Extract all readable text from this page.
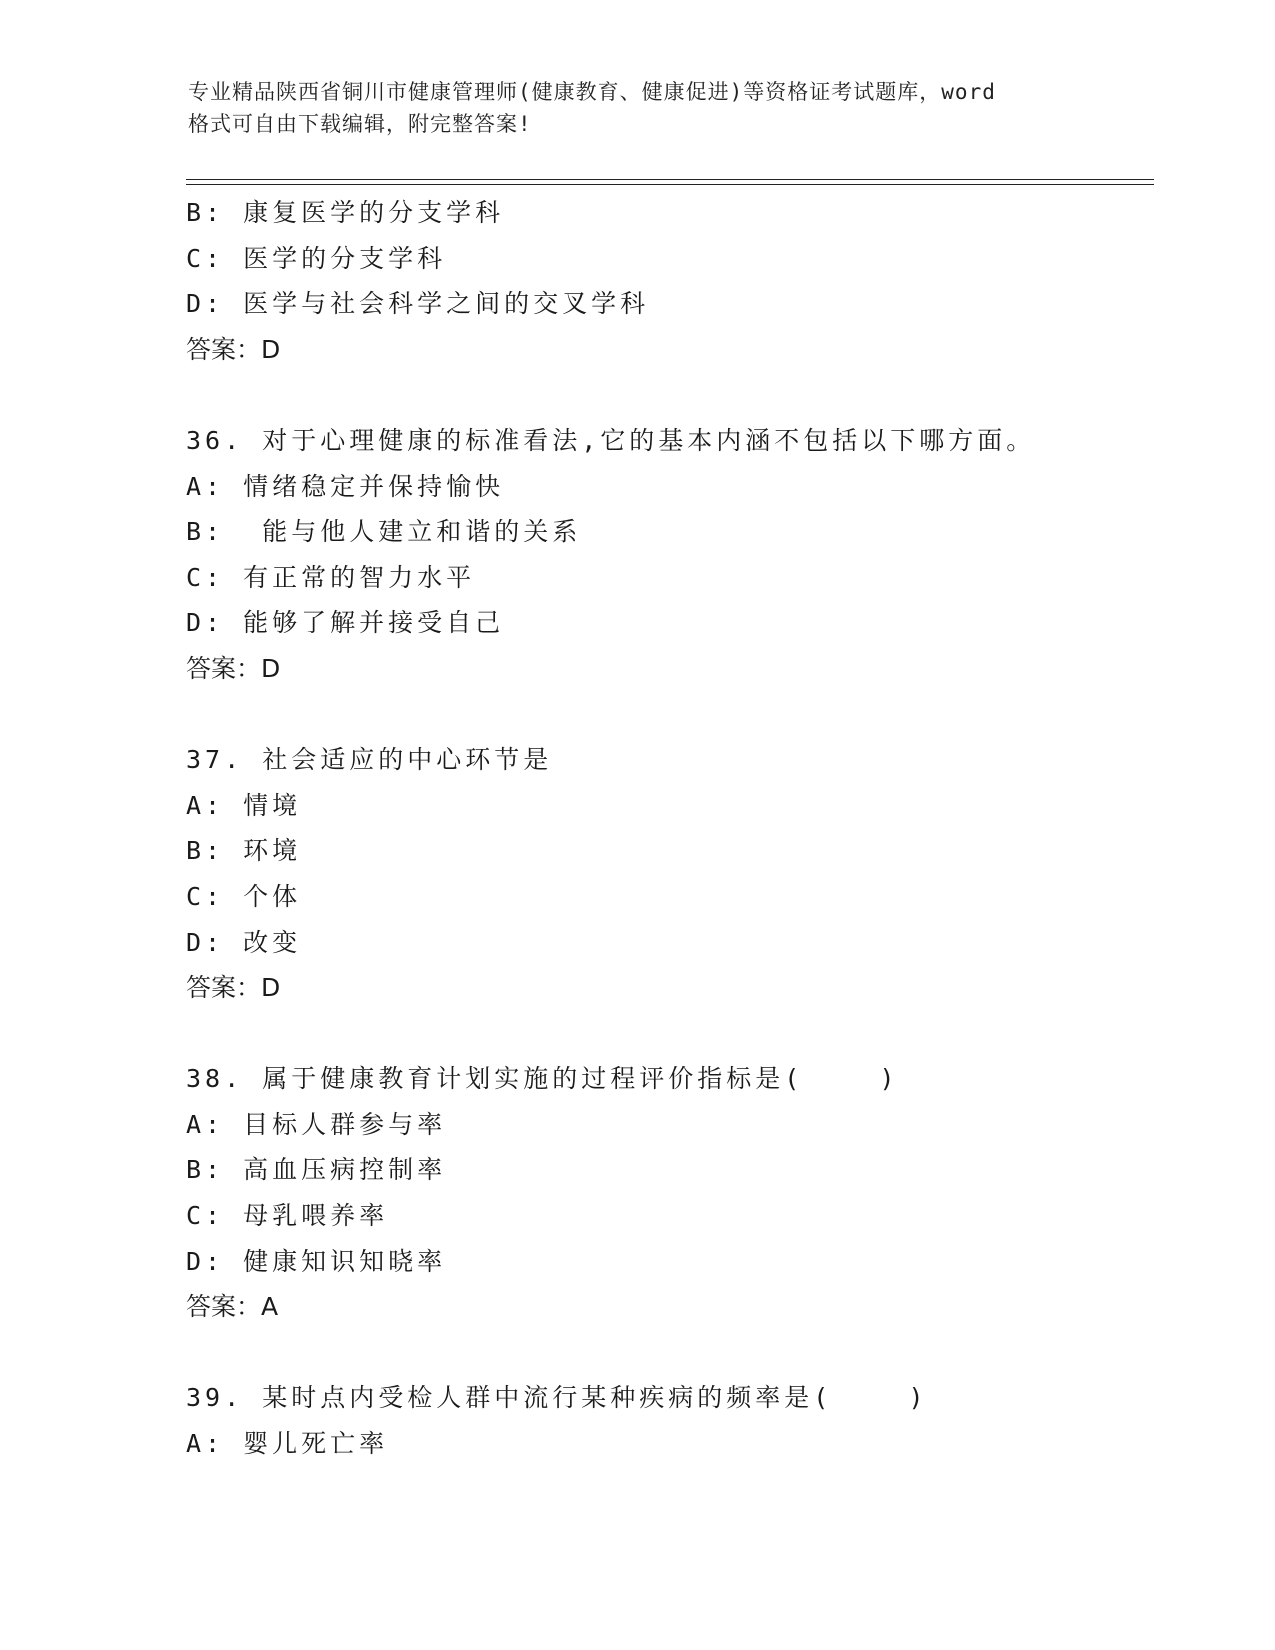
专业精品陕西省铜川市健康管理师(健康教育、健康促进)等资格证考试题库，word
格式可自由下载编辑，附完整答案!
B: 康复医学的分支学科
C: 医学的分支学科
D: 医学与社会科学之间的交叉学科
答案：D
36. 对于心理健康的标准看法,它的基本内涵不包括以下哪方面。
A: 情绪稳定并保持愉快
B:  能与他人建立和谐的关系
C: 有正常的智力水平
D: 能够了解并接受自己
答案：D
37. 社会适应的中心环节是
A: 情境
B: 环境
C: 个体
D: 改变
答案：D
38. 属于健康教育计划实施的过程评价指标是(    )
A: 目标人群参与率
B: 高血压病控制率
C: 母乳喂养率
D: 健康知识知晓率
答案：A
39. 某时点内受检人群中流行某种疾病的频率是(    )
A: 婴儿死亡率
